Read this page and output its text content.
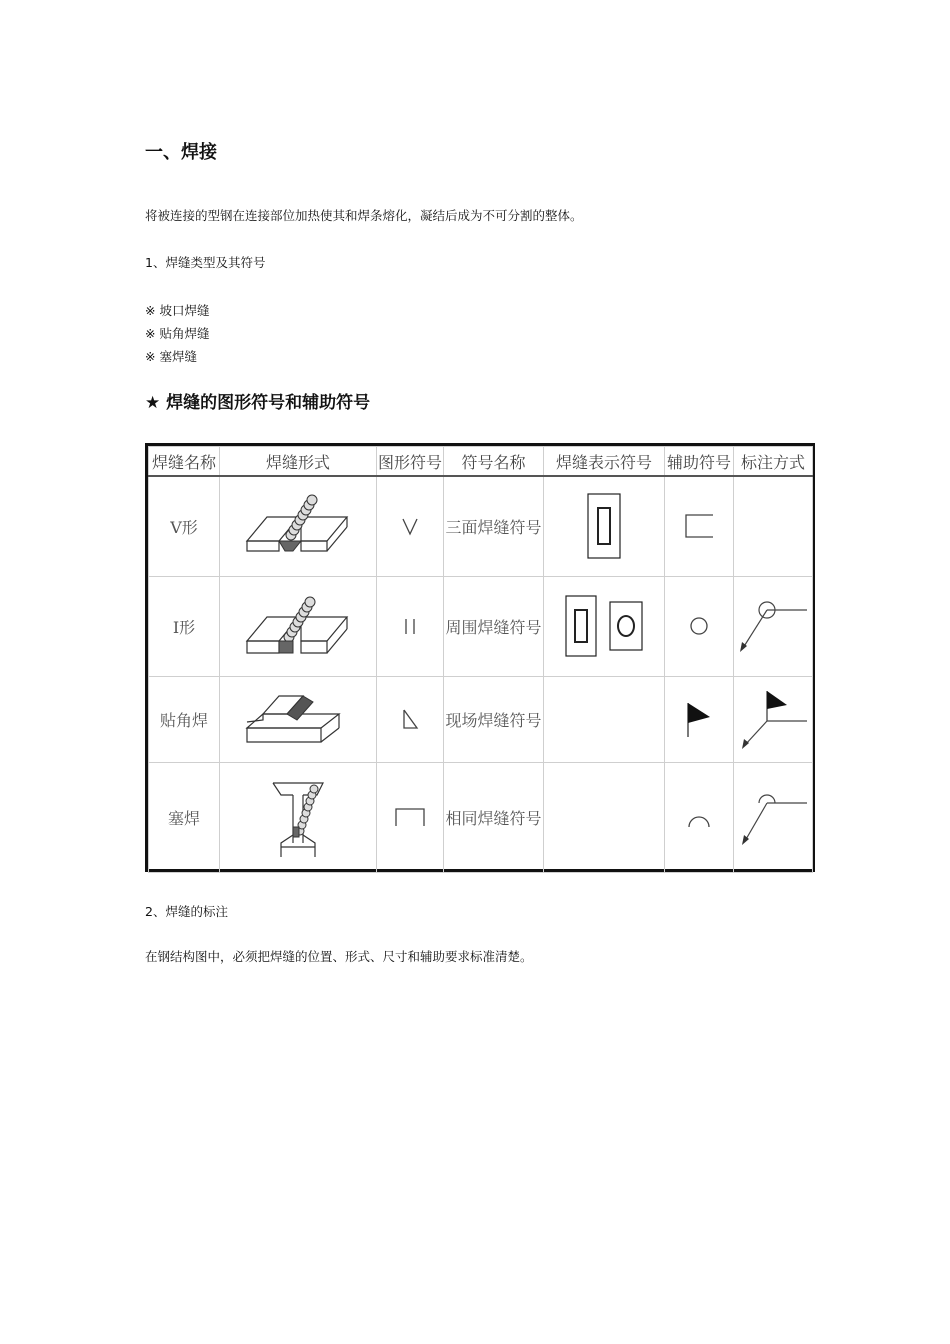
一、焊接
将被连接的型钢在连接部位加热使其和焊条熔化，凝结后成为不可分割的整体。
1、焊缝类型及其符号
※ 坡口焊缝
※ 贴角焊缝
※ 塞焊缝
★ 焊缝的图形符号和辅助符号
焊缝名称	焊缝形式	图形符号	符号名称	焊缝表示符号	辅助符号	标注方式
V形			三面焊缝符号	

I形			周围焊缝符号	

贴角焊			现场焊缝符号		

塞焊			相同焊缝符号		

2、焊缝的标注
在钢结构图中，必须把焊缝的位置、形式、尺寸和辅助要求标准清楚。
